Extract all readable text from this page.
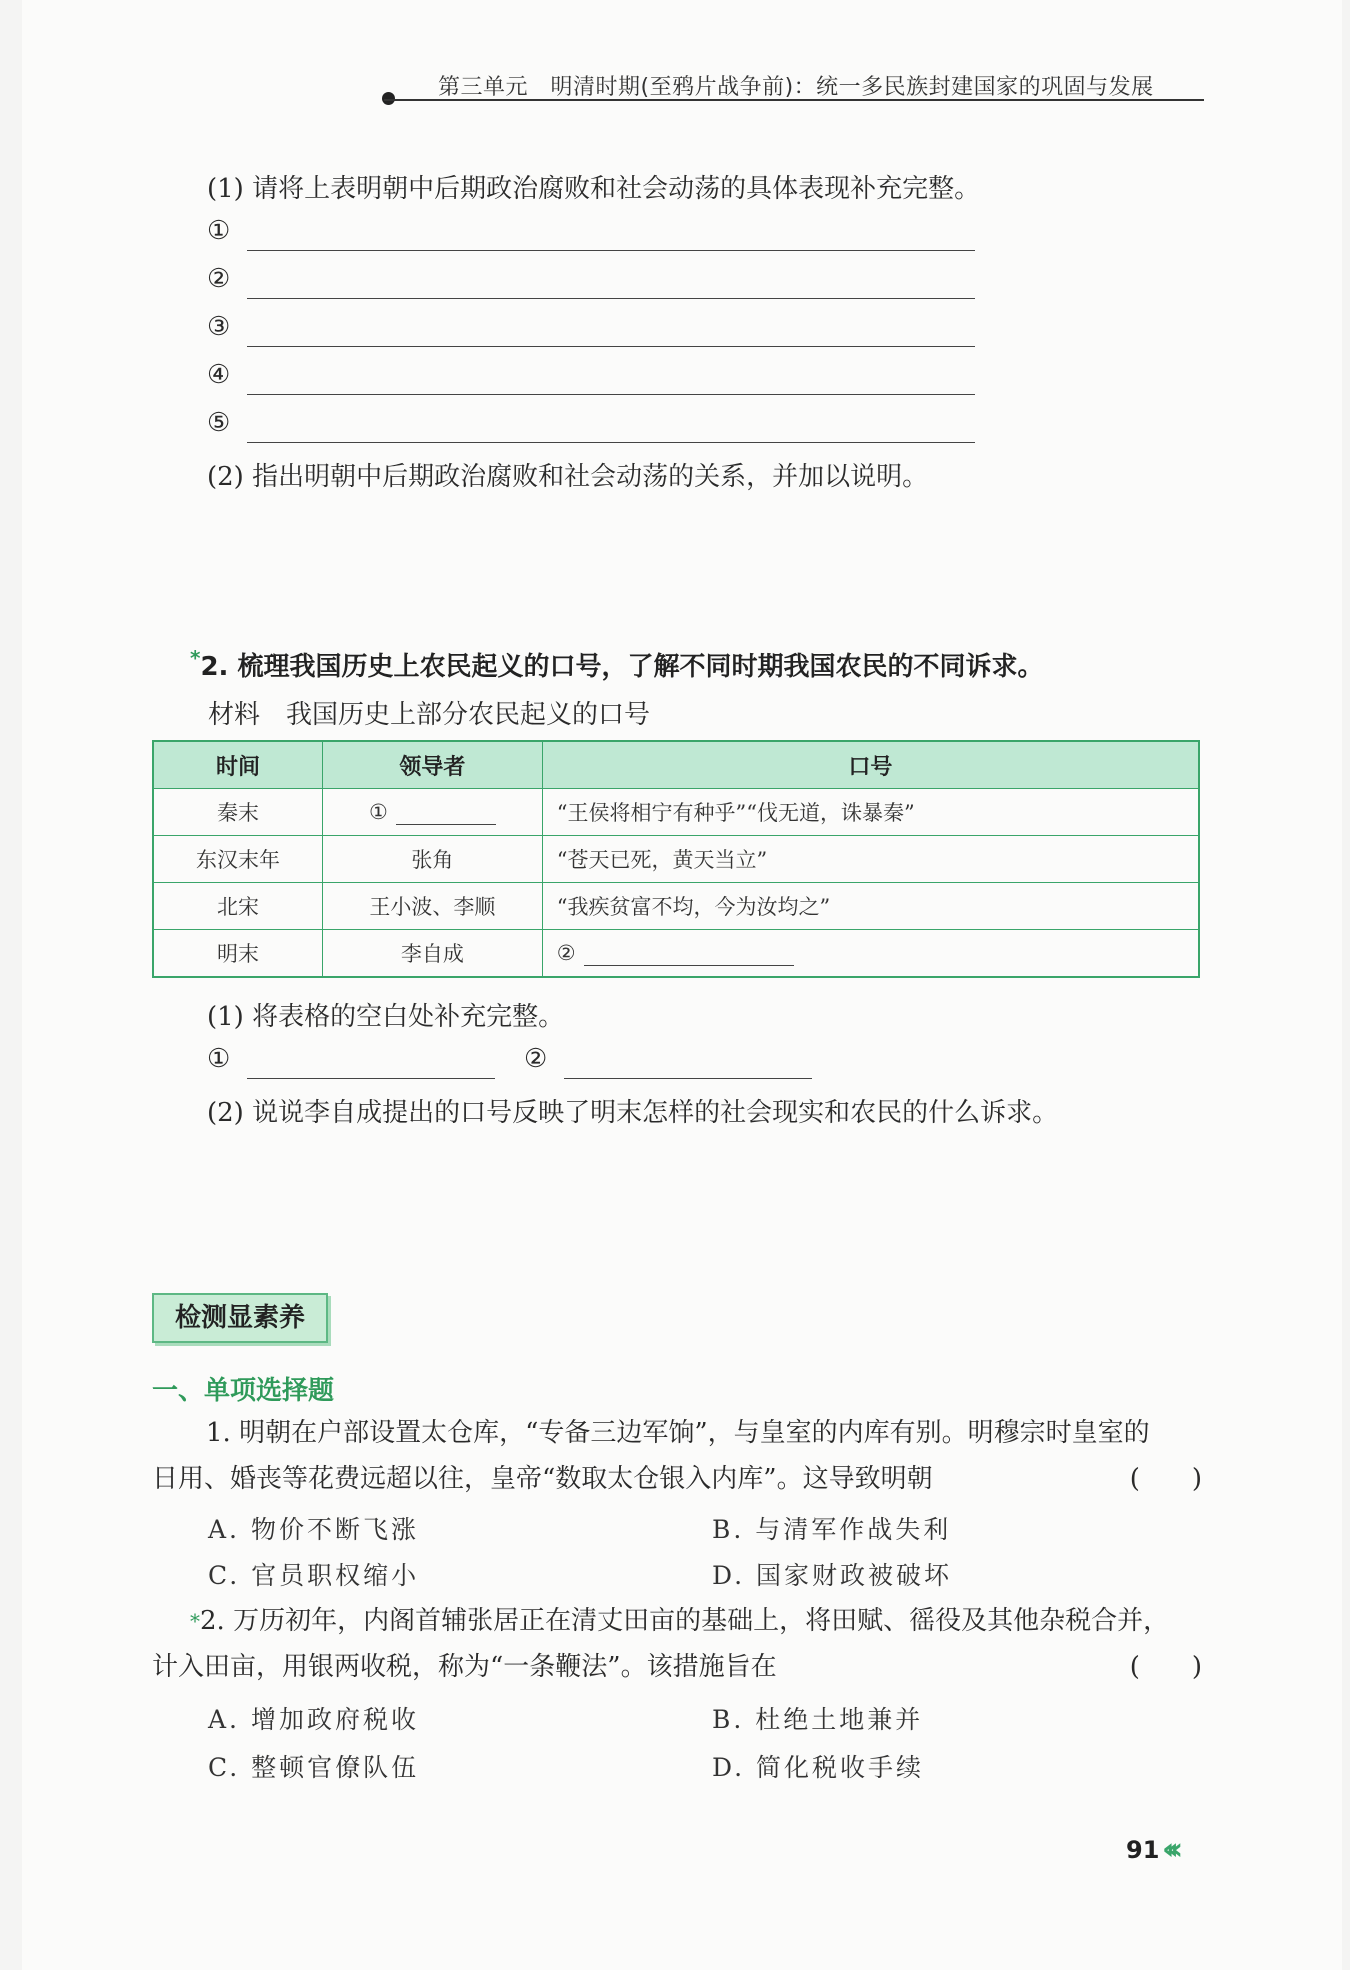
第三单元　明清时期(至鸦片战争前)：统一多民族封建国家的巩固与发展
(1) 请将上表明朝中后期政治腐败和社会动荡的具体表现补充完整。
①
②
③
④
⑤
(2) 指出明朝中后期政治腐败和社会动荡的关系，并加以说明。
*2. 梳理我国历史上农民起义的口号，了解不同时期我国农民的不同诉求。
材料　我国历史上部分农民起义的口号
时间	领导者	口号
秦末	①	“王侯将相宁有种乎”“伐无道，诛暴秦”
东汉末年	张角	“苍天已死，黄天当立”
北宋	王小波、李顺	“我疾贫富不均，今为汝均之”
明末	李自成	②
(1) 将表格的空白处补充完整。
①	②
(2) 说说李自成提出的口号反映了明末怎样的社会现实和农民的什么诉求。
检测显素养
一、单项选择题
1. 明朝在户部设置太仓库，“专备三边军饷”，与皇室的内库有别。明穆宗时皇室的
日用、婚丧等花费远超以往，皇帝“数取太仓银入内库”。这导致明朝	(　　)
A. 物价不断飞涨	B. 与清军作战失利
C. 官员职权缩小	D. 国家财政被破坏
*2. 万历初年，内阁首辅张居正在清丈田亩的基础上，将田赋、徭役及其他杂税合并，
计入田亩，用银两收税，称为“一条鞭法”。该措施旨在	(　　)
A. 增加政府税收	B. 杜绝土地兼并
C. 整顿官僚队伍	D. 简化税收手续
91 ‹‹‹
